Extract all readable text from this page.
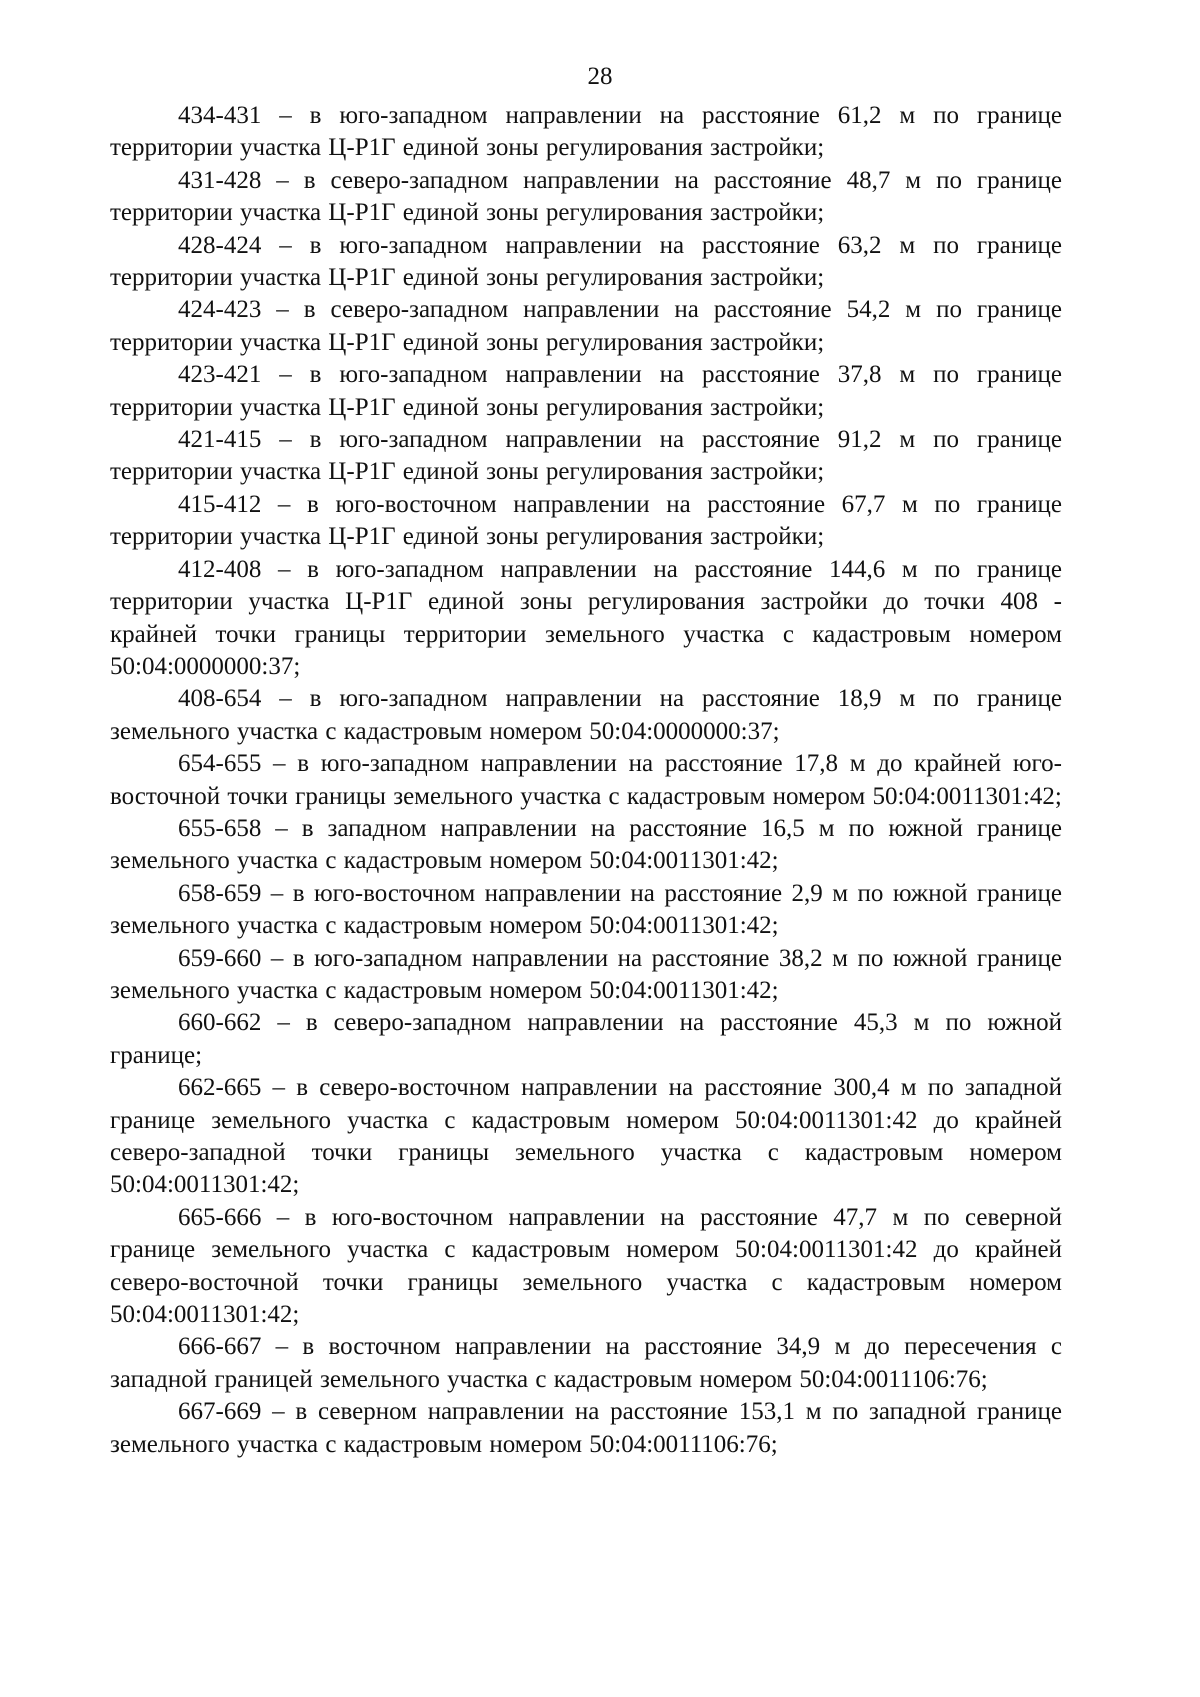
28

434-431 – в юго-западном направлении на расстояние 61,2 м по границе территории участка Ц-Р1Г единой зоны регулирования застройки;

431-428 – в северо-западном направлении на расстояние 48,7 м по границе территории участка Ц-Р1Г единой зоны регулирования застройки;

428-424 – в юго-западном направлении на расстояние 63,2 м по границе территории участка Ц-Р1Г единой зоны регулирования застройки;

424-423 – в северо-западном направлении на расстояние 54,2 м по границе территории участка Ц-Р1Г единой зоны регулирования застройки;

423-421 – в юго-западном направлении на расстояние 37,8 м по границе территории участка Ц-Р1Г единой зоны регулирования застройки;

421-415 – в юго-западном направлении на расстояние 91,2 м по границе территории участка Ц-Р1Г единой зоны регулирования застройки;

415-412 – в юго-восточном направлении на расстояние 67,7 м по границе территории участка Ц-Р1Г единой зоны регулирования застройки;

412-408 – в юго-западном направлении на расстояние 144,6 м по границе территории участка Ц-Р1Г единой зоны регулирования застройки до точки 408 - крайней точки границы территории земельного участка с кадастровым номером 50:04:0000000:37;

408-654 – в юго-западном направлении на расстояние 18,9 м по границе земельного участка с кадастровым номером 50:04:0000000:37;

654-655 – в юго-западном направлении на расстояние 17,8 м до крайней юго-восточной точки границы земельного участка с кадастровым номером 50:04:0011301:42;

655-658 – в западном направлении на расстояние 16,5 м по южной границе земельного участка с кадастровым номером 50:04:0011301:42;

658-659 – в юго-восточном направлении на расстояние 2,9 м по южной границе земельного участка с кадастровым номером 50:04:0011301:42;

659-660 – в юго-западном направлении на расстояние 38,2 м по южной границе земельного участка с кадастровым номером 50:04:0011301:42;

660-662 – в северо-западном направлении на расстояние 45,3 м по южной границе;

662-665 – в северо-восточном направлении на расстояние 300,4 м по западной границе земельного участка с кадастровым номером 50:04:0011301:42 до крайней северо-западной точки границы земельного участка с кадастровым номером 50:04:0011301:42;

665-666 – в юго-восточном направлении на расстояние 47,7 м по северной границе земельного участка с кадастровым номером 50:04:0011301:42 до крайней северо-восточной точки границы земельного участка с кадастровым номером 50:04:0011301:42;

666-667 – в восточном направлении на расстояние 34,9 м до пересечения с западной границей земельного участка с кадастровым номером 50:04:0011106:76;

667-669 – в северном направлении на расстояние 153,1 м по западной границе земельного участка с кадастровым номером 50:04:0011106:76;
